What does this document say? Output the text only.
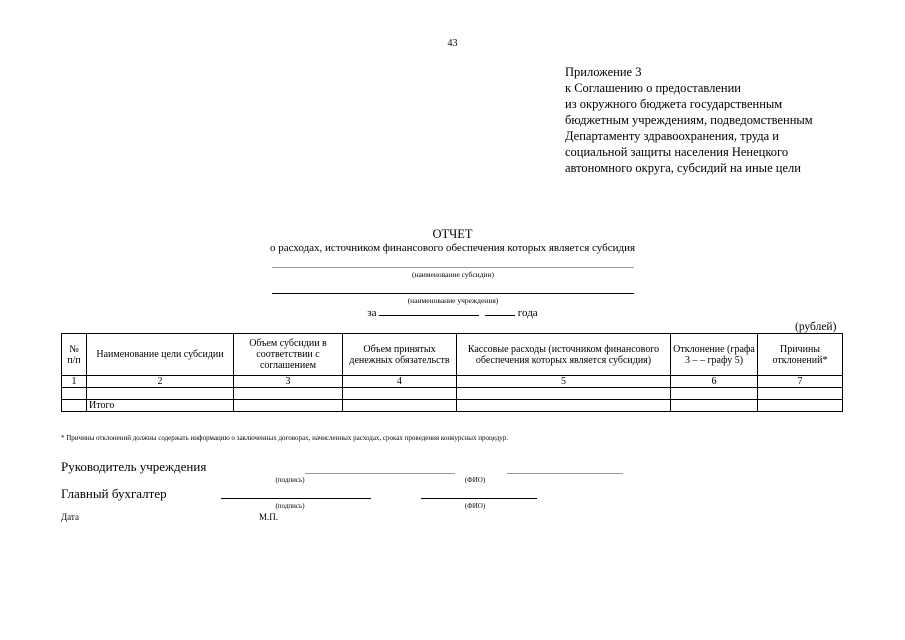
43
Приложение 3
к Соглашению о предоставлении
из окружного бюджета государственным
бюджетным учреждениям, подведомственным
Департаменту здравоохранения, труда и
социальной защиты населения Ненецкого
автономного округа, субсидий на иные цели
ОТЧЕТ
о расходах, источником финансового обеспечения которых является субсидия
(наименование субсидии)
(наименование учреждения)
за	года
(рублей)
№ п/п	Наименование цели субсидии	Объем субсидии в соответствии с соглашением	Объем принятых денежных обязательств	Кассовые расходы (источником финансового обеспечения которых является субсидия)	Отклонение (графа 3 – – графу 5)	Причины отклонений*
1	2	3	4	5	6	7

	Итого					
* Причины отклонений должны содержать информацию о заключенных договорах, начисленных расходах, сроках проведения конкурсных процедур.
Руководитель учреждения
(подпись)	(ФИО)
Главный бухгалтер
(подпись)	(ФИО)
Дата	М.П.
